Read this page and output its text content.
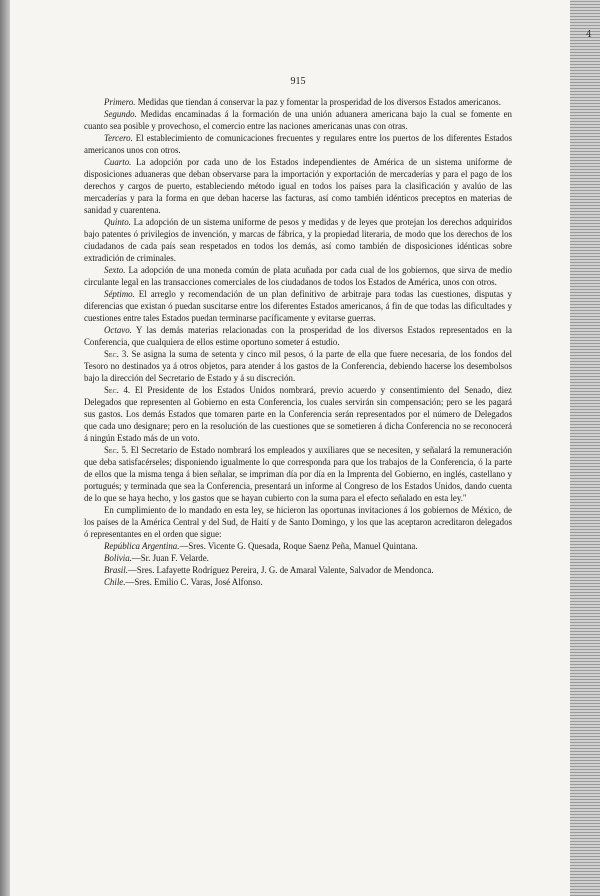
4
915

Primero. Medidas que tiendan á conservar la paz y fomentar la prosperidad de los diversos Estados americanos.

Segundo. Medidas encaminadas á la formación de una unión aduanera americana bajo la cual se fomente en cuanto sea posible y provechoso, el comercio entre las naciones americanas unas con otras.

Tercero. El establecimiento de comunicaciones frecuentes y regulares entre los puertos de los diferentes Estados americanos unos con otros.

Cuarto. La adopción por cada uno de los Estados independientes de América de un sistema uniforme de disposiciones aduaneras que deban observarse para la importación y exportación de mercaderías y para el pago de los derechos y cargos de puerto, estableciendo método igual en todos los países para la clasificación y avalúo de las mercaderías y para la forma en que deban hacerse las facturas, así como también idénticos preceptos en materias de sanidad y cuarentena.

Quinto. La adopción de un sistema uniforme de pesos y medidas y de leyes que protejan los derechos adquiridos bajo patentes ó privilegios de invención, y marcas de fábrica, y la propiedad literaria, de modo que los derechos de los ciudadanos de cada país sean respetados en todos los demás, así como también de disposiciones idénticas sobre extradición de criminales.

Sexto. La adopción de una moneda común de plata acuñada por cada cual de los gobiernos, que sirva de medio circulante legal en las transacciones comerciales de los ciudadanos de todos los Estados de América, unos con otros.

Séptimo. El arreglo y recomendación de un plan definitivo de arbitraje para todas las cuestiones, disputas y diferencias que existan ó puedan suscitarse entre los diferentes Estados americanos, á fin de que todas las dificultades y cuestiones entre tales Estados puedan terminarse pacíficamente y evitarse guerras.

Octavo. Y las demás materias relacionadas con la prosperidad de los diversos Estados representados en la Conferencia, que cualquiera de ellos estime oportuno someter á estudio.

Sec. 3. Se asigna la suma de setenta y cinco mil pesos, ó la parte de ella que fuere necesaria, de los fondos del Tesoro no destinados ya á otros objetos, para atender á los gastos de la Conferencia, debiendo hacerse los desembolsos bajo la dirección del Secretario de Estado y á su discreción.

Sec. 4. El Presidente de los Estados Unidos nombrará, previo acuerdo y consentimiento del Senado, diez Delegados que representen al Gobierno en esta Conferencia, los cuales servirán sin compensación; pero se les pagará sus gastos. Los demás Estados que tomaren parte en la Conferencia serán representados por el número de Delegados que cada uno designare; pero en la resolución de las cuestiones que se sometieren á dicha Conferencia no se reconocerá á ningún Estado más de un voto.

Sec. 5. El Secretario de Estado nombrará los empleados y auxiliares que se necesiten, y señalará la remuneración que deba satisfacérseles; disponiendo igualmente lo que corresponda para que los trabajos de la Conferencia, ó la parte de ellos que la misma tenga á bien señalar, se impriman día por día en la Imprenta del Gobierno, en inglés, castellano y portugués; y terminada que sea la Conferencia, presentará un informe al Congreso de los Estados Unidos, dando cuenta de lo que se haya hecho, y los gastos que se hayan cubierto con la suma para el efecto señalado en esta ley."

En cumplimiento de lo mandado en esta ley, se hicieron las oportunas invitaciones á los gobiernos de México, de los países de la América Central y del Sud, de Haití y de Santo Domingo, y los que las aceptaron acreditaron delegados ó representantes en el orden que sigue:

República Argentina.—Sres. Vicente G. Quesada, Roque Saenz Peña, Manuel Quintana.

Bolivia.—Sr. Juan F. Velarde.

Brasil.—Sres. Lafayette Rodríguez Pereira, J. G. de Amaral Valente, Salvador de Mendonca.

Chile.—Sres. Emilio C. Varas, José Alfonso.
